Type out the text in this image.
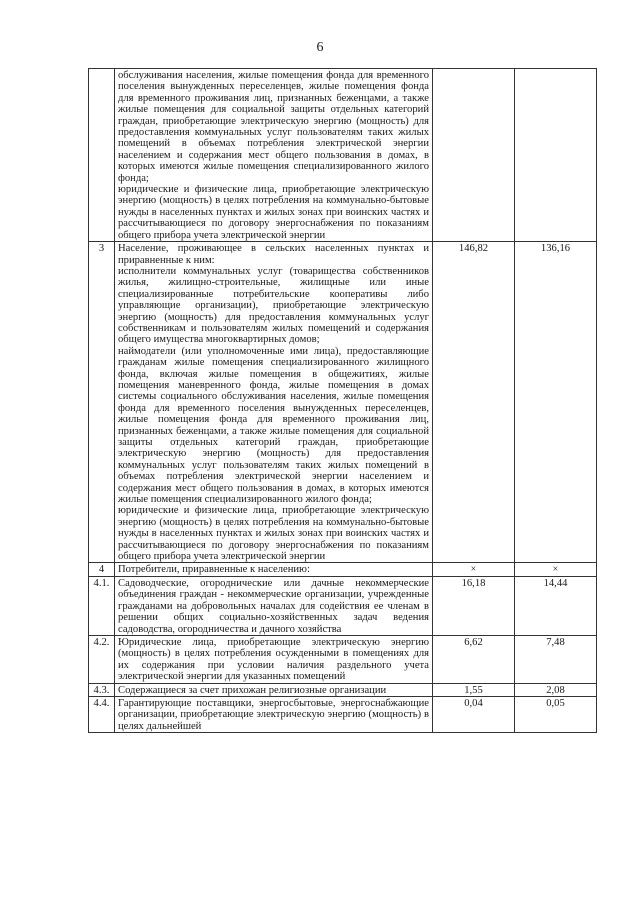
6

	обслуживания населения, жилые помещения фонда для временного поселения вынужденных переселенцев, жилые помещения фонда для временного проживания лиц, признанных беженцами, а также жилые помещения для социальной защиты отдельных категорий граждан, приобретающие электрическую энергию (мощность) для предоставления коммунальных услуг пользователям таких жилых помещений в объемах потребления электрической энергии населением и содержания мест общего пользования в домах, в которых имеются жилые помещения специализированного жилого фонда;
юридические и физические лица, приобретающие электрическую энергию (мощность) в целях потребления на коммунально-бытовые нужды в населенных пунктах и жилых зонах при воинских частях и рассчитывающиеся по договору энергоснабжения по показаниям общего прибора учета электрической энергии		

3	Население, проживающее в сельских населенных пунктах и приравненные к ним:
исполнители коммунальных услуг (товарищества собственников жилья, жилищно-строительные, жилищные или иные специализированные потребительские кооперативы либо управляющие организации), приобретающие электрическую энергию (мощность) для предоставления коммунальных услуг собственникам и пользователям жилых помещений и содержания общего имущества многоквартирных домов;
наймодатели (или уполномоченные ими лица), предоставляющие гражданам жилые помещения специализированного жилищного фонда, включая жилые помещения в общежитиях, жилые помещения маневренного фонда, жилые помещения в домах системы социального обслуживания населения, жилые помещения фонда для временного поселения вынужденных переселенцев, жилые помещения фонда для временного проживания лиц, признанных беженцами, а также жилые помещения для социальной защиты отдельных категорий граждан, приобретающие электрическую энергию (мощность) для предоставления коммунальных услуг пользователям таких жилых помещений в объемах потребления электрической энергии населением и содержания мест общего пользования в домах, в которых имеются жилые помещения специализированного жилого фонда;
юридические и физические лица, приобретающие электрическую энергию (мощность) в целях потребления на коммунально-бытовые нужды в населенных пунктах и жилых зонах при воинских частях и рассчитывающиеся по договору энергоснабжения по показаниям общего прибора учета электрической энергии	146,82	136,16
4	Потребители, приравненные к населению:	×	×
4.1.	Садоводческие, огороднические или дачные некоммерческие объединения граждан - некоммерческие организации, учрежденные гражданами на добровольных началах для содействия ее членам в решении общих социально-хозяйственных задач ведения садоводства, огородничества и дачного хозяйства	16,18	14,44
4.2.	Юридические лица, приобретающие электрическую энергию (мощность) в целях потребления осужденными в помещениях для их содержания при условии наличия раздельного учета электрической энергии для указанных помещений	6,62	7,48
4.3.	Содержащиеся за счет прихожан религиозные организации	1,55	2,08
4.4.	Гарантирующие поставщики, энергосбытовые, энергоснабжающие организации, приобретающие электрическую энергию (мощность) в целях дальнейшей	0,04	0,05
